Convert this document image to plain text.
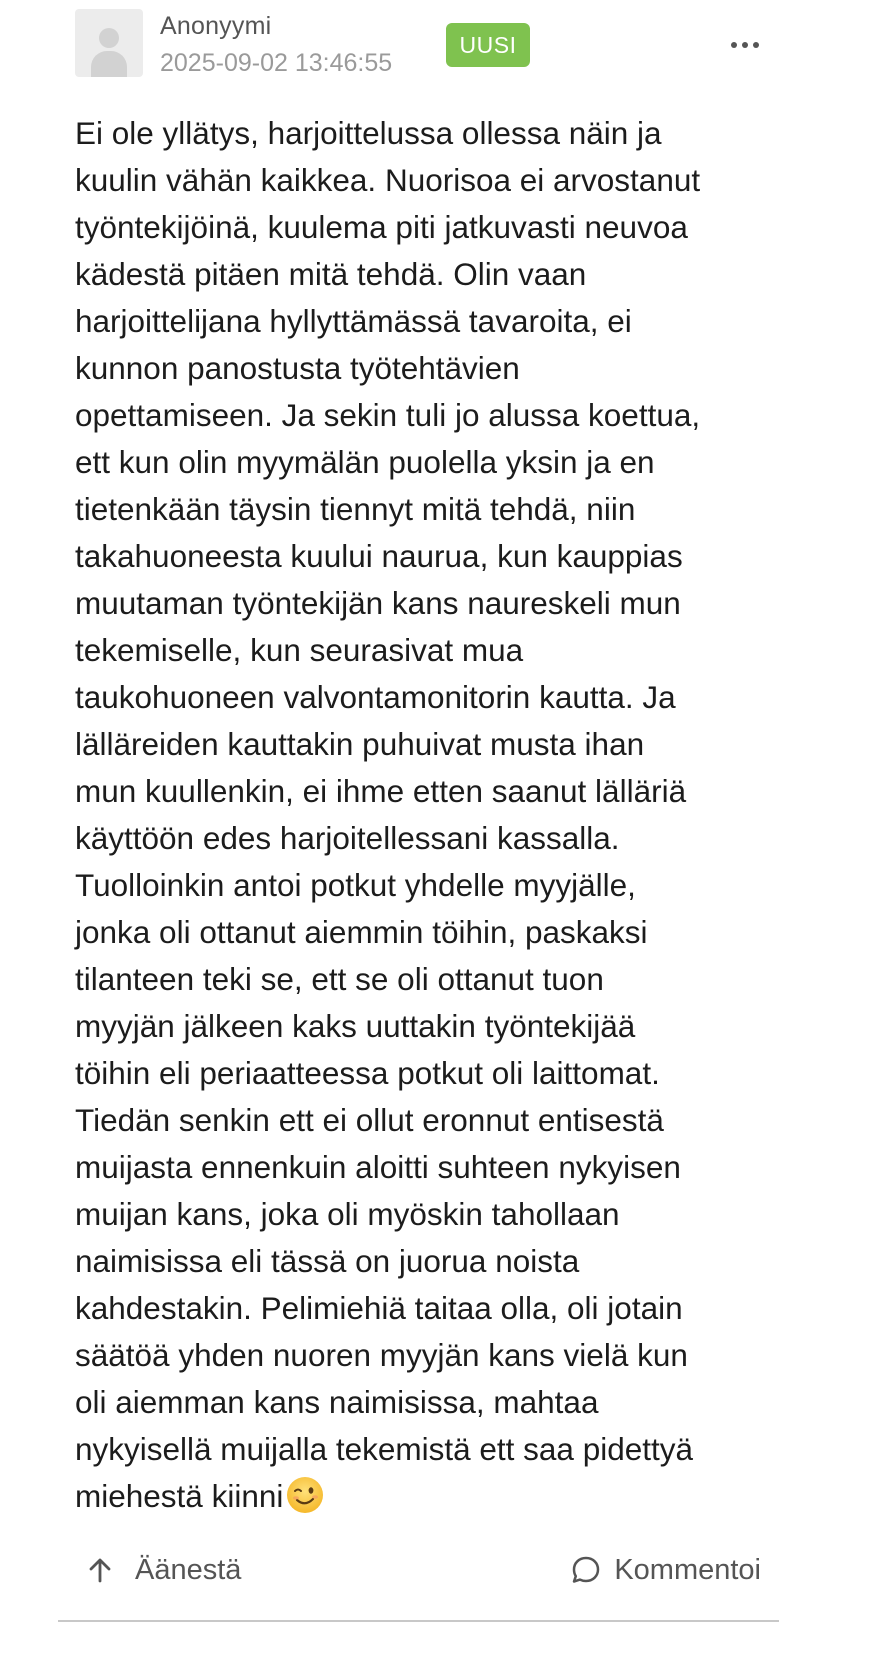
Anonyymi
2025-09-02 13:46:55
UUSI

Ei ole yllätys, harjoittelussa ollessa näin ja
kuulin vähän kaikkea. Nuorisoa ei arvostanut
työntekijöinä, kuulema piti jatkuvasti neuvoa
kädestä pitäen mitä tehdä. Olin vaan
harjoittelijana hyllyttämässä tavaroita, ei
kunnon panostusta työtehtävien
opettamiseen. Ja sekin tuli jo alussa koettua,
ett kun olin myymälän puolella yksin ja en
tietenkään täysin tiennyt mitä tehdä, niin
takahuoneesta kuului naurua, kun kauppias
muutaman työntekijän kans naureskeli mun
tekemiselle, kun seurasivat mua
taukohuoneen valvontamonitorin kautta. Ja
lälläreiden kauttakin puhuivat musta ihan
mun kuullenkin, ei ihme etten saanut lälläriä
käyttöön edes harjoitellessani kassalla.
Tuolloinkin antoi potkut yhdelle myyjälle,
jonka oli ottanut aiemmin töihin, paskaksi
tilanteen teki se, ett se oli ottanut tuon
myyjän jälkeen kaks uuttakin työntekijää
töihin eli periaatteessa potkut oli laittomat.
Tiedän senkin ett ei ollut eronnut entisestä
muijasta ennenkuin aloitti suhteen nykyisen
muijan kans, joka oli myöskin tahollaan
naimisissa eli tässä on juorua noista
kahdestakin. Pelimiehiä taitaa olla, oli jotain
säätöä yhden nuoren myyjän kans vielä kun
oli aiemman kans naimisissa, mahtaa
nykyisellä muijalla tekemistä ett saa pidettyä
miehestä kiinni

Äänestä	Kommentoi
